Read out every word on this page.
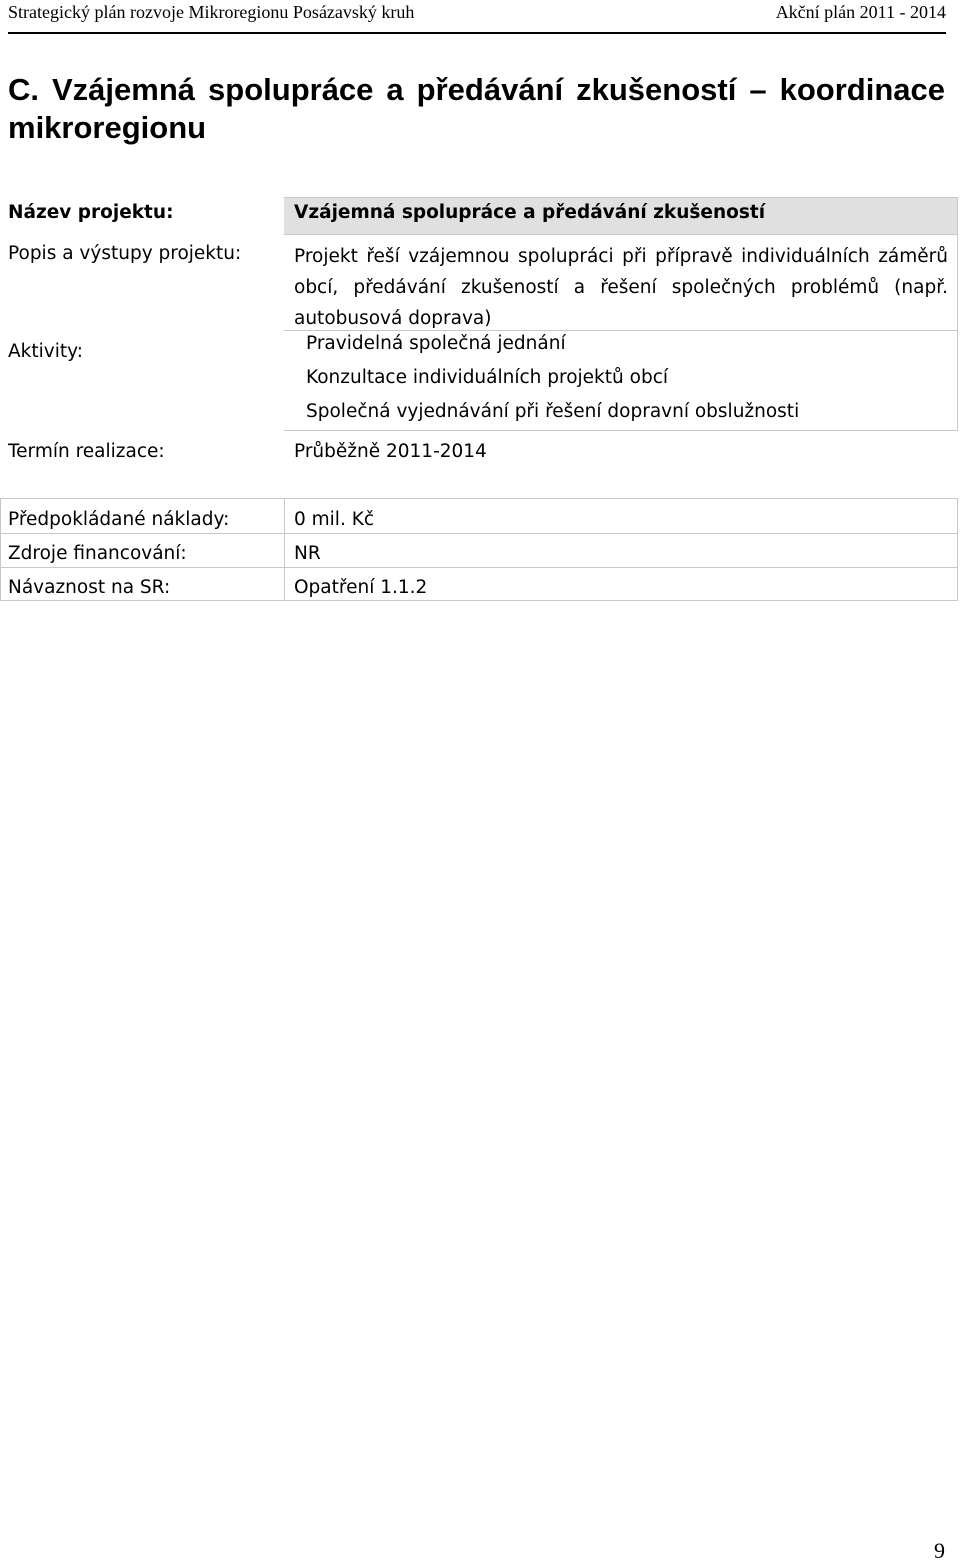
Strategický plán rozvoje Mikroregionu Posázavský kruh	Akční plán 2011 - 2014
C. Vzájemná spolupráce a předávání zkušeností – koordinace mikroregionu
Název projektu:	Vzájemná spolupráce a předávání zkušeností
Popis a výstupy projektu:	Projekt řeší vzájemnou spolupráci při přípravě individuálních záměrů obcí, předávání zkušeností a řešení společných problémů (např. autobusová doprava)
Aktivity:	Pravidelná společná jednání
Konzultace individuálních projektů obcí
Společná vyjednávání při řešení dopravní obslužnosti
Termín realizace:	Průběžně 2011-2014
Předpokládané náklady:	0 mil. Kč
Zdroje financování:	NR
Návaznost na SR:	Opatření 1.1.2
9
